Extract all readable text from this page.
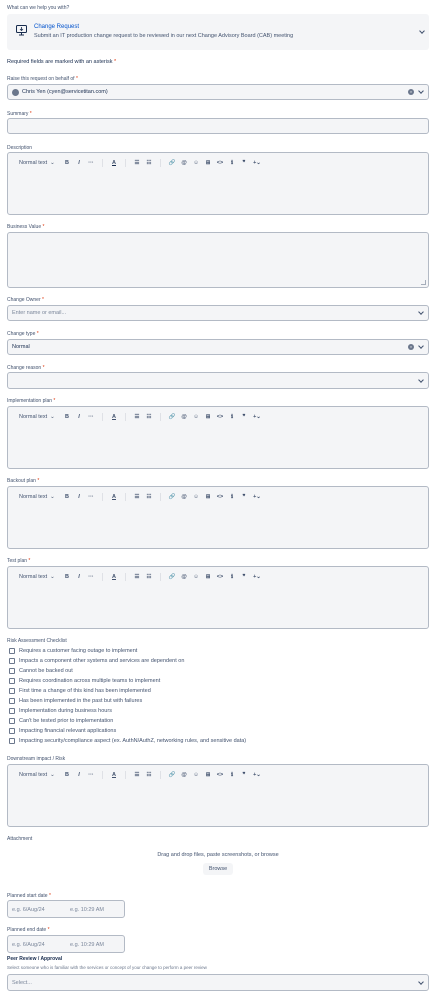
What can we help you with?
Change Request
Submit an IT production change request to be reviewed in our next Change Advisory Board (CAB) meeting
Required fields are marked with an asterisk *
Raise this request on behalf of *
Chris Yen (cyen@servicetitan.com)	×
Summary *
Description
Normal text ⌄	B	I	···	A	☰	☷	🔗	@	☺	⊞	<>	ℹ	❞	+⌄
Business Value *
Change Owner *
Enter name or email...
Change type *
Normal	×
Change reason *
Implementation plan *
Normal text ⌄	B	I	···	A	☰	☷	🔗	@	☺	⊞	<>	ℹ	❞	+⌄
Backout plan *
Normal text ⌄	B	I	···	A	☰	☷	🔗	@	☺	⊞	<>	ℹ	❞	+⌄
Test plan *
Normal text ⌄	B	I	···	A	☰	☷	🔗	@	☺	⊞	<>	ℹ	❞	+⌄
Risk Assessment Checklist
Requires a customer facing outage to implement
Impacts a component other systems and services are dependent on
Cannot be backed out
Requires coordination across multiple teams to implement
First time a change of this kind has been implemented
Has been implemented in the past but with failures
Implementation during business hours
Can't be tested prior to implementation
Impacting financial relevant applications
Impacting security/compliance aspect (ex. AuthN/AuthZ, networking rules, and sensitive data)
Downstream impact / Risk
Normal text ⌄	B	I	···	A	☰	☷	🔗	@	☺	⊞	<>	ℹ	❞	+⌄
Attachment
Drag and drop files, paste screenshots, or browse
Browse
Planned start date *
e.g. 6/Aug/24	e.g. 10:29 AM
Planned end date *
e.g. 6/Aug/24	e.g. 10:29 AM
Peer Review / Approval
Select someone who is familiar with the services or concept of your change to perform a peer review
Select...
